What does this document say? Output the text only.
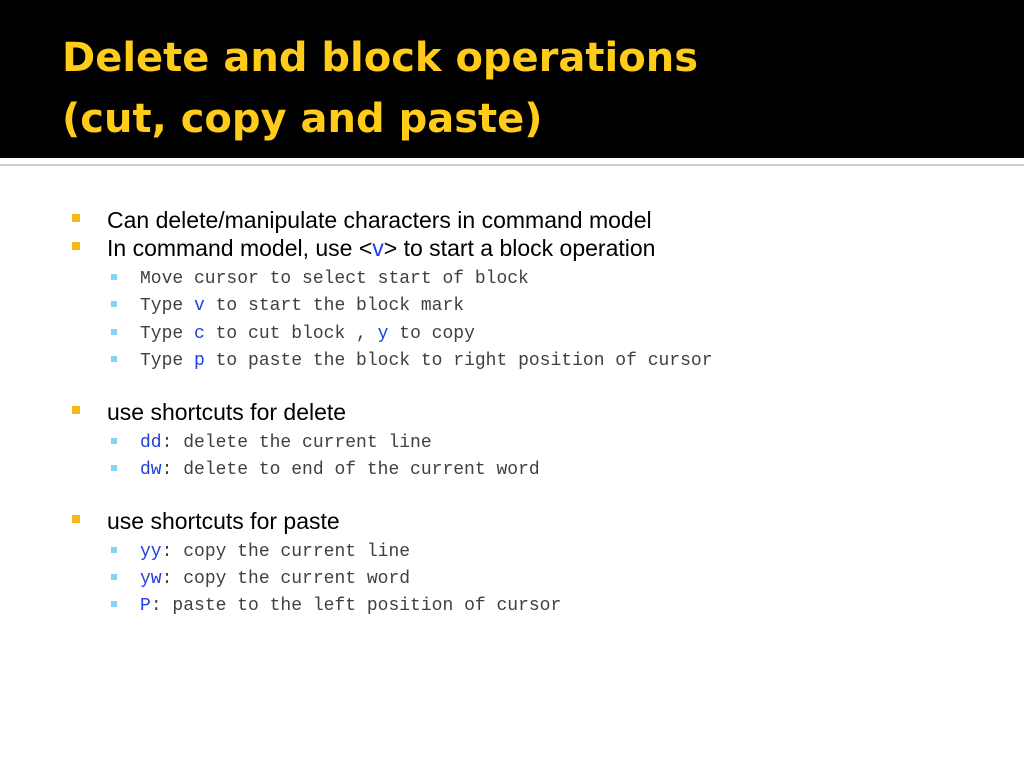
Delete and block operations
(cut, copy and paste)
Can delete/manipulate characters in command model
In command model, use <v> to start a block operation
Move cursor to select start of block
Type v to start the block mark
Type c to cut block , y to copy
Type p to paste the block to right position of cursor
use shortcuts for delete
dd: delete the current line
dw: delete to end of the current word
use shortcuts for paste
yy: copy the current line
yw: copy the current word
P: paste to the left position of cursor
